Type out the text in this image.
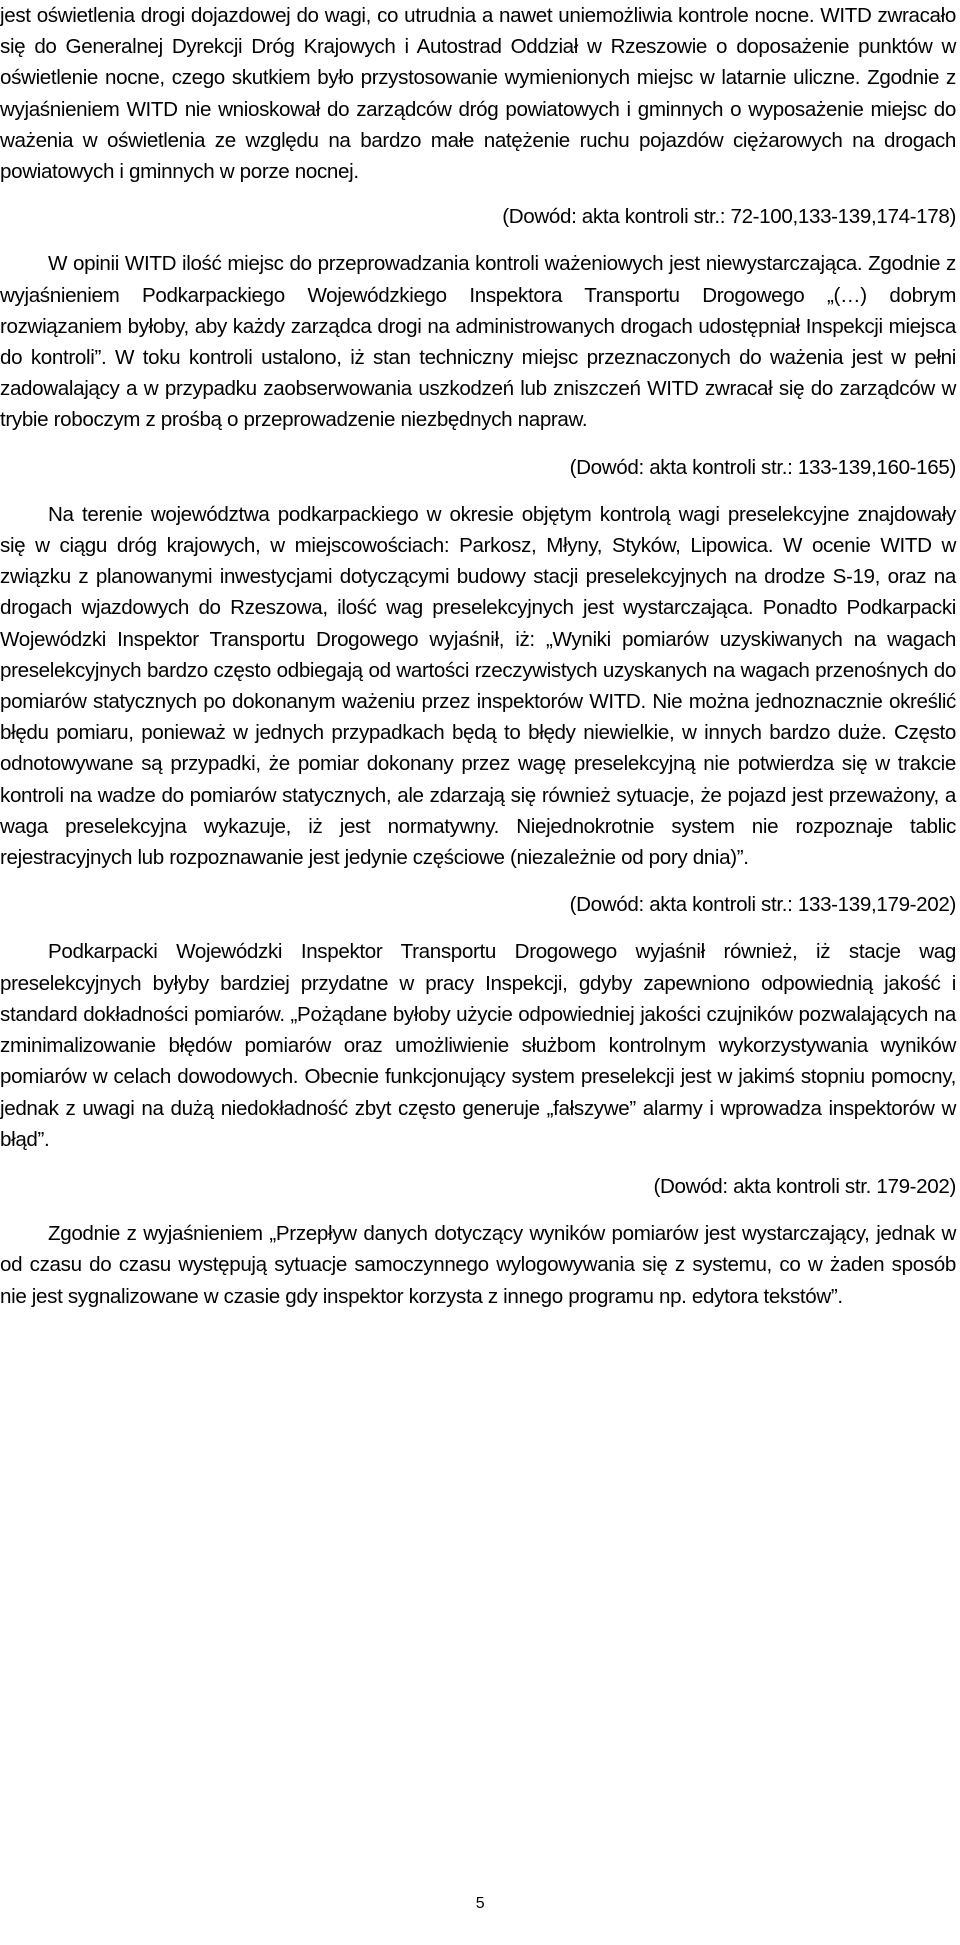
jest oświetlenia drogi dojazdowej do wagi, co utrudnia a nawet uniemożliwia kontrole nocne. WITD zwracało się do Generalnej Dyrekcji Dróg Krajowych i Autostrad Oddział w Rzeszowie o doposażenie punktów w oświetlenie nocne, czego skutkiem było przystosowanie wymienionych miejsc w latarnie uliczne. Zgodnie z wyjaśnieniem WITD nie wnioskował do zarządców dróg powiatowych i gminnych o wyposażenie miejsc do ważenia w oświetlenia ze względu na bardzo małe natężenie ruchu pojazdów ciężarowych na drogach powiatowych i gminnych w porze nocnej.

(Dowód: akta kontroli str.: 72-100,133-139,174-178)

W opinii WITD ilość miejsc do przeprowadzania kontroli ważeniowych jest niewystarczająca. Zgodnie z wyjaśnieniem Podkarpackiego Wojewódzkiego Inspektora Transportu Drogowego „(…) dobrym rozwiązaniem byłoby, aby każdy zarządca drogi na administrowanych drogach udostępniał Inspekcji miejsca do kontroli”. W toku kontroli ustalono, iż stan techniczny miejsc przeznaczonych do ważenia jest w pełni zadowalający a w przypadku zaobserwowania uszkodzeń lub zniszczeń WITD zwracał się do zarządców w trybie roboczym z prośbą o przeprowadzenie niezbędnych napraw.

(Dowód: akta kontroli str.: 133-139,160-165)

Na terenie województwa podkarpackiego w okresie objętym kontrolą wagi preselekcyjne znajdowały się w ciągu dróg krajowych, w miejscowościach: Parkosz, Młyny, Styków, Lipowica. W ocenie WITD w związku z planowanymi inwestycjami dotyczącymi budowy stacji preselekcyjnych na drodze S-19, oraz na drogach wjazdowych do Rzeszowa, ilość wag preselekcyjnych jest wystarczająca. Ponadto Podkarpacki Wojewódzki Inspektor Transportu Drogowego wyjaśnił, iż: „Wyniki pomiarów uzyskiwanych na wagach preselekcyjnych bardzo często odbiegają od wartości rzeczywistych uzyskanych na wagach przenośnych do pomiarów statycznych po dokonanym ważeniu przez inspektorów WITD. Nie można jednoznacznie określić błędu pomiaru, ponieważ w jednych przypadkach będą to błędy niewielkie, w innych bardzo duże. Często odnotowywane są przypadki, że pomiar dokonany przez wagę preselekcyjną nie potwierdza się w trakcie kontroli na wadze do pomiarów statycznych, ale zdarzają się również sytuacje, że pojazd jest przeważony, a waga preselekcyjna wykazuje, iż jest normatywny. Niejednokrotnie system nie rozpoznaje tablic rejestracyjnych lub rozpoznawanie jest jedynie częściowe (niezależnie od pory dnia)”.

(Dowód: akta kontroli str.: 133-139,179-202)

Podkarpacki Wojewódzki Inspektor Transportu Drogowego wyjaśnił również, iż stacje wag preselekcyjnych byłyby bardziej przydatne w pracy Inspekcji, gdyby zapewniono odpowiednią jakość i standard dokładności pomiarów. „Pożądane byłoby użycie odpowiedniej jakości czujników pozwalających na zminimalizowanie błędów pomiarów oraz umożliwienie służbom kontrolnym wykorzystywania wyników pomiarów w celach dowodowych. Obecnie funkcjonujący system preselekcji jest w jakimś stopniu pomocny, jednak z uwagi na dużą niedokładność zbyt często generuje „fałszywe” alarmy i wprowadza inspektorów w błąd”.

(Dowód: akta kontroli str. 179-202)

Zgodnie z wyjaśnieniem „Przepływ danych dotyczący wyników pomiarów jest wystarczający, jednak w od czasu do czasu występują sytuacje samoczynnego wylogowywania się z systemu, co w żaden sposób nie jest sygnalizowane w czasie gdy inspektor korzysta z innego programu np. edytora tekstów”.

5
